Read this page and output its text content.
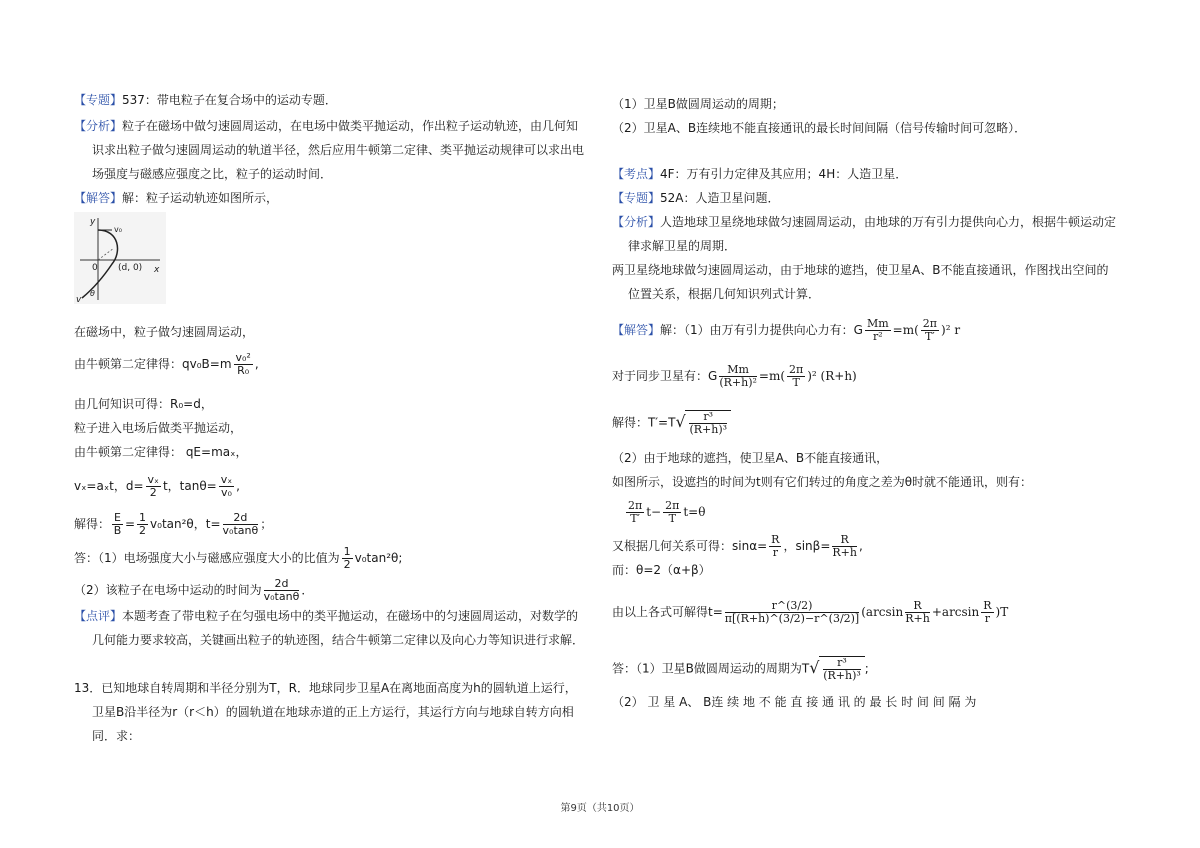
【专题】537：带电粒子在复合场中的运动专题．
【分析】粒子在磁场中做匀速圆周运动，在电场中做类平抛运动，作出粒子运动轨迹，由几何知
识求出粒子做匀速圆周运动的轨道半径，然后应用牛顿第二定律、类平抛运动规律可以求出电
场强度与磁感应强度之比，粒子的运动时间．
【解答】解：粒子运动轨迹如图所示，
y
v₀
0 (d, 0) x
v
θ
在磁场中，粒子做匀速圆周运动，
由牛顿第二定律得：$qv_0B=m \frac{\text{v₀²}}{\text{R₀}}$ ,
由几何知识可得：R₀=d，
粒子进入电场后做类平抛运动，
由牛顿第二定律得： qE=maₓ，
vₓ=aₓt，$d= \frac{\text{vₓ}}{2}$ t，$\tan\theta= \frac{\text{vₓ}}{\text{v₀}}$ ,
解得： $\frac{E}{B} = \frac{1}{2} v_0\tan^2\theta$，$t= \frac{2d}{\text{v₀tanθ}}$ ；
答：（1）电场强度大小与磁感应强度大小的比值为 $\frac{1}{2} v_0\tan^2\theta$;
（2）该粒子在电场中运动的时间为 $\frac{2d}{\text{v₀tanθ}}$ ．
【点评】本题考查了带电粒子在匀强电场中的类平抛运动，在磁场中的匀速圆周运动，对数学的
几何能力要求较高，关键画出粒子的轨迹图，结合牛顿第二定律以及向心力等知识进行求解．
13．已知地球自转周期和半径分别为T，R．地球同步卫星A在离地面高度为h的圆轨道上运行，
卫星B沿半径为r（r＜h）的圆轨道在地球赤道的正上方运行，其运行方向与地球自转方向相
同．求：
（1）卫星B做圆周运动的周期；
（2）卫星A、B连续地不能直接通讯的最长时间间隔（信号传输时间可忽略）．
【考点】4F：万有引力定律及其应用；4H：人造卫星．
【专题】52A：人造卫星问题．
【分析】人造地球卫星绕地球做匀速圆周运动，由地球的万有引力提供向心力，根据牛顿运动定
律求解卫星的周期．
两卫星绕地球做匀速圆周运动，由于地球的遮挡，使卫星A、B不能直接通讯，作图找出空间的
位置关系，根据几何知识列式计算．
【解答】解：（1）由万有引力提供向心力有：G $\frac{Mm}{\text{r²}} =m( \frac{2\pi}{T'} )^2$ r
对于同步卫星有：G $\frac{Mm}{\text{(R+h)²}} =m( \frac{2\pi}{T} )^2$ (R+h)
解得：T′=T √ $\frac{\text{r³}}{\text{(R+h)³}}$
（2）由于地球的遮挡，使卫星A、B不能直接通讯，
如图所示，设遮挡的时间为t则有它们转过的角度之差为θ时就不能通讯，则有：
$\frac{2\pi}{T'} t- \frac{2\pi}{T} t=\theta$
又根据几何关系可得：$\sin\alpha= \frac{R}{r}$ ，$\sin\beta= \frac{R}{R+h}$ ,
而：θ=2（α+β）
由以上各式可解得$t= \frac{r\^{}(3/2)}{\pi[(R+h)\^{}(3/2)-r\^{}(3/2)]} (\arcsin \frac{R}{R+h} +\arcsin \frac{R}{r} )T$
答：（1）卫星B做圆周运动的周期为T √ $\frac{\text{r³}}{\text{(R+h)³}}$ ;
（2） 卫 星 A、 B连 续 地 不 能 直 接 通 讯 的 最 长 时 间 间 隔 为
第9页（共10页）
